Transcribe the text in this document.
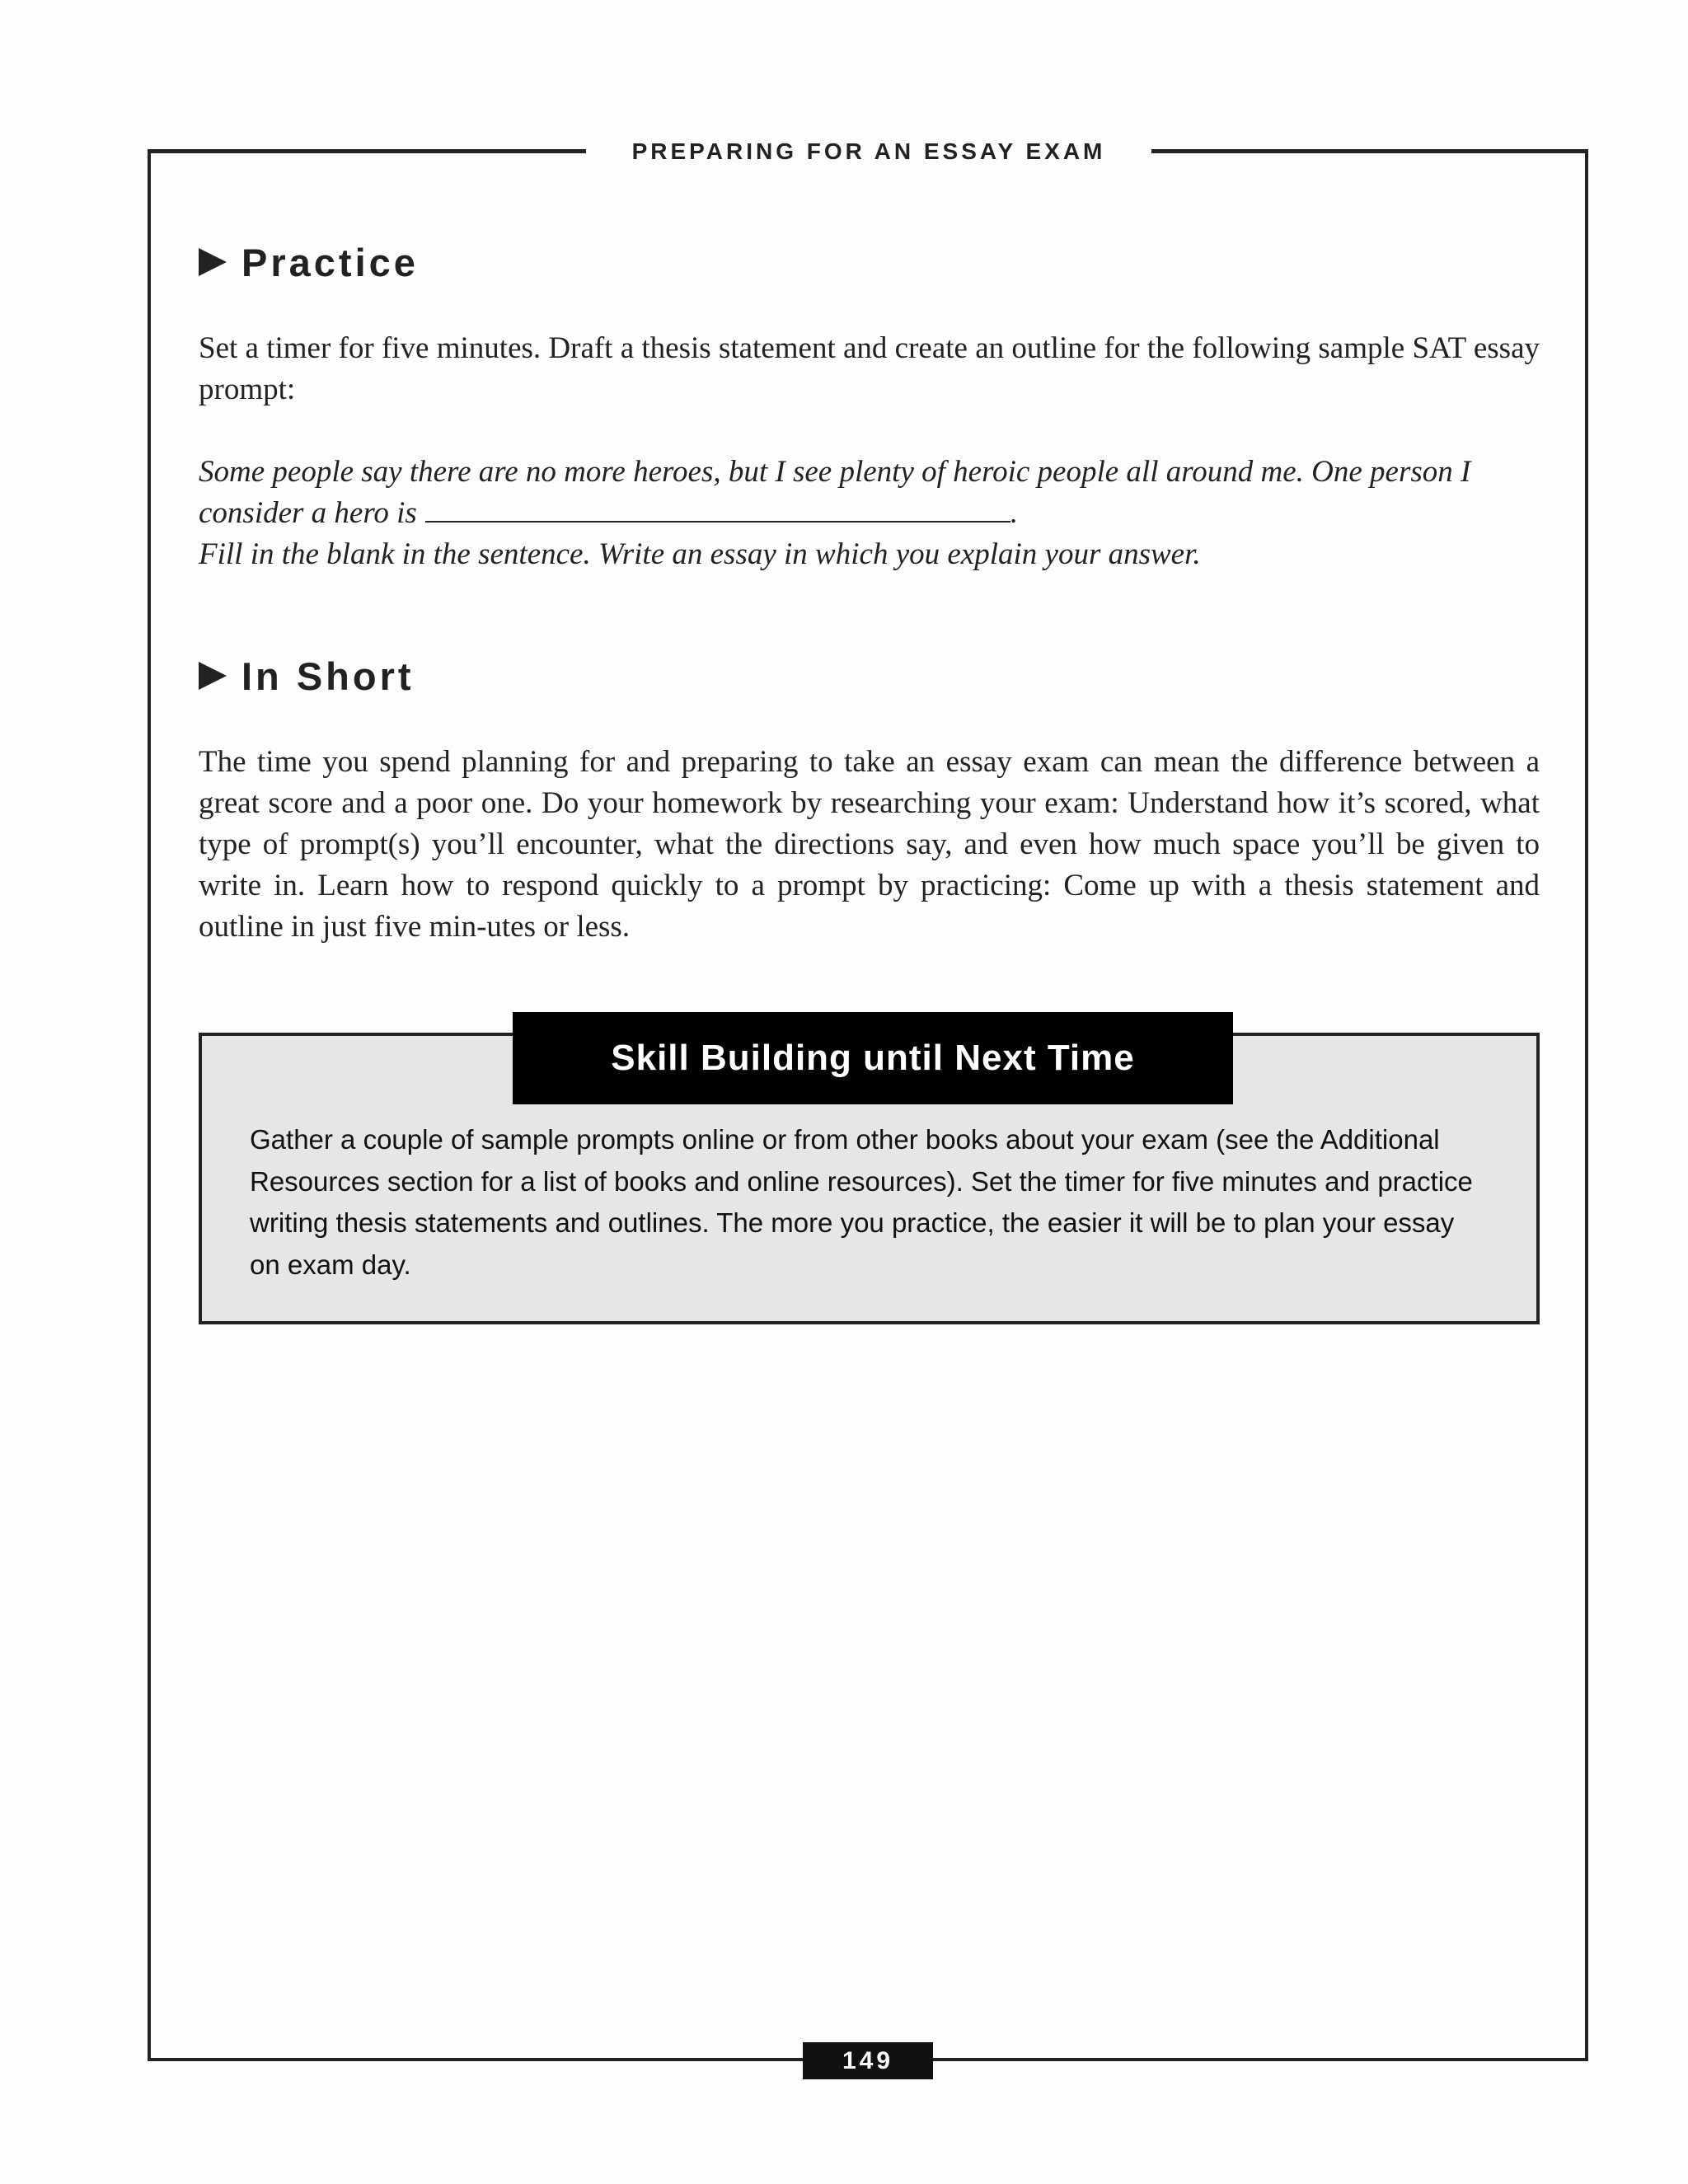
PREPARING FOR AN ESSAY EXAM
Practice
Set a timer for five minutes. Draft a thesis statement and create an outline for the following sample SAT essay prompt:
Some people say there are no more heroes, but I see plenty of heroic people all around me. One person I consider a hero is	.
Fill in the blank in the sentence. Write an essay in which you explain your answer.
In Short
The time you spend planning for and preparing to take an essay exam can mean the difference between a great score and a poor one. Do your homework by researching your exam: Understand how it’s scored, what type of prompt(s) you’ll encounter, what the directions say, and even how much space you’ll be given to write in. Learn how to respond quickly to a prompt by practicing: Come up with a thesis statement and outline in just five min-utes or less.
Skill Building until Next Time
Gather a couple of sample prompts online or from other books about your exam (see the Additional Resources section for a list of books and online resources). Set the timer for five minutes and practice writing thesis statements and outlines. The more you practice, the easier it will be to plan your essay on exam day.
149
